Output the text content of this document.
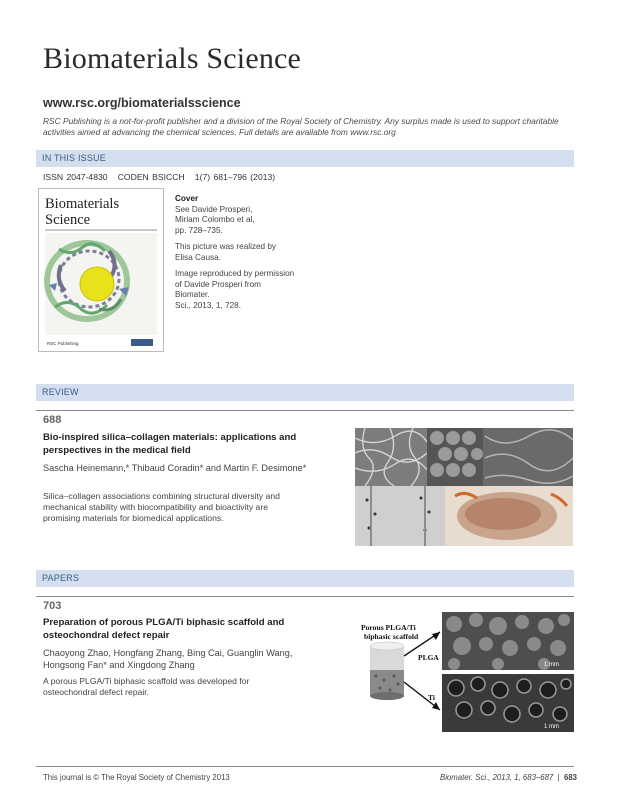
Biomaterials Science
www.rsc.org/biomaterialsscience
RSC Publishing is a not-for-profit publisher and a division of the Royal Society of Chemistry. Any surplus made is used to support charitable activities aimed at advancing the chemical sciences. Full details are available from www.rsc.org
IN THIS ISSUE
ISSN 2047-4830 CODEN BSICCH 1(7) 681–796 (2013)
Biomaterials
Science
RSC Publishing

Cover

See Davide Prosperi,

Miriam Colombo et al,

pp. 728–735.

This picture was realized by

Elisa Causa.

Image reproduced by permission

of Davide Prosperi from Biomater.

Sci., 2013, 1, 728.

REVIEW
688
Bio-inspired silica–collagen materials: applications and perspectives in the medical field
Sascha Heinemann,* Thibaud Coradin* and Martin F. Desimone*
Silica–collagen associations combining structural diversity and mechanical stability with biocompatibility and bioactivity are promising materials for biomedical applications.
PAPERS
703
Preparation of porous PLGA/Ti biphasic scaffold and osteochondral defect repair
Chaoyong Zhao, Hongfang Zhang, Bing Cai, Guanglin Wang, Hongsong Fan* and Xingdong Zhang
A porous PLGA/Ti biphasic scaffold was developed for osteochondral defect repair.
Porous PLGA/Ti
biphasic scaffold
PLGA
Ti
1 mm
1 mm
This journal is © The Royal Society of Chemistry 2013	Biomater. Sci., 2013, 1, 683–687  |  683
